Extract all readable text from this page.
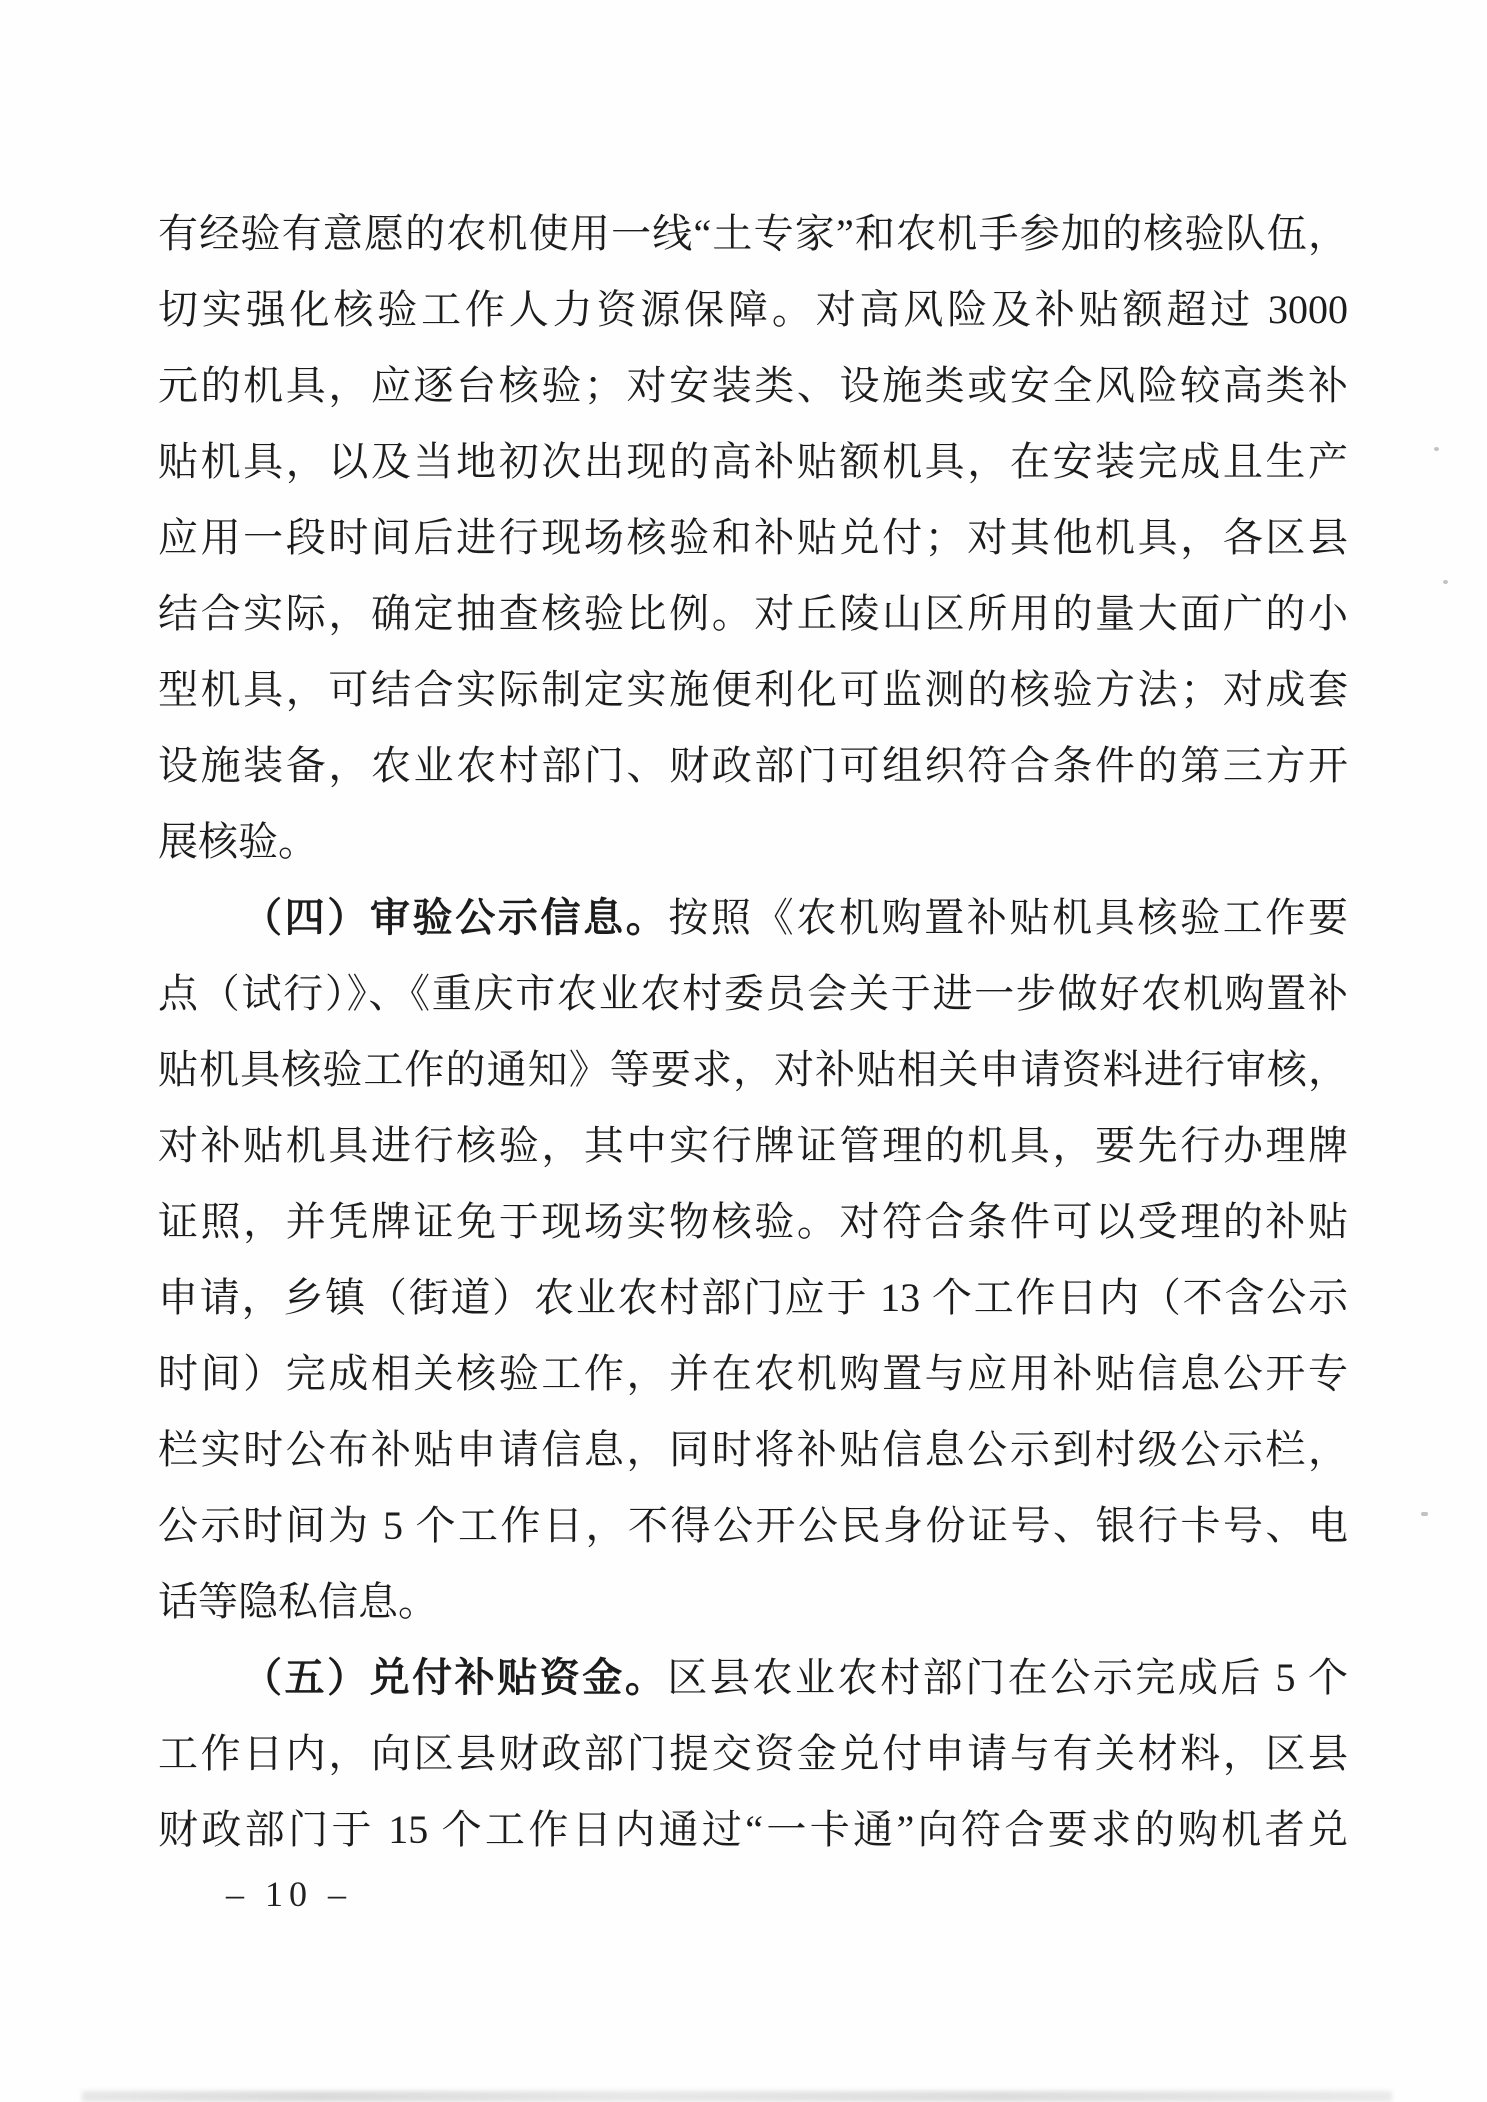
有经验有意愿的农机使用一线“土专家”和农机手参加的核验队伍，

切实强化核验工作人力资源保障。对高风险及补贴额超过 3000

元的机具，应逐台核验；对安装类、设施类或安全风险较高类补

贴机具，以及当地初次出现的高补贴额机具，在安装完成且生产

应用一段时间后进行现场核验和补贴兑付；对其他机具，各区县

结合实际，确定抽查核验比例。对丘陵山区所用的量大面广的小

型机具，可结合实际制定实施便利化可监测的核验方法；对成套

设施装备，农业农村部门、财政部门可组织符合条件的第三方开

展核验。

（四）审验公示信息。按照《农机购置补贴机具核验工作要

点（试行）》、《重庆市农业农村委员会关于进一步做好农机购置补

贴机具核验工作的通知》等要求，对补贴相关申请资料进行审核，

对补贴机具进行核验，其中实行牌证管理的机具，要先行办理牌

证照，并凭牌证免于现场实物核验。对符合条件可以受理的补贴

申请，乡镇（街道）农业农村部门应于 13 个工作日内（不含公示

时间）完成相关核验工作，并在农机购置与应用补贴信息公开专

栏实时公布补贴申请信息，同时将补贴信息公示到村级公示栏，

公示时间为 5 个工作日，不得公开公民身份证号、银行卡号、电

话等隐私信息。

（五）兑付补贴资金。区县农业农村部门在公示完成后 5 个

工作日内，向区县财政部门提交资金兑付申请与有关材料，区县

财政部门于 15 个工作日内通过“一卡通”向符合要求的购机者兑

– 10 –
